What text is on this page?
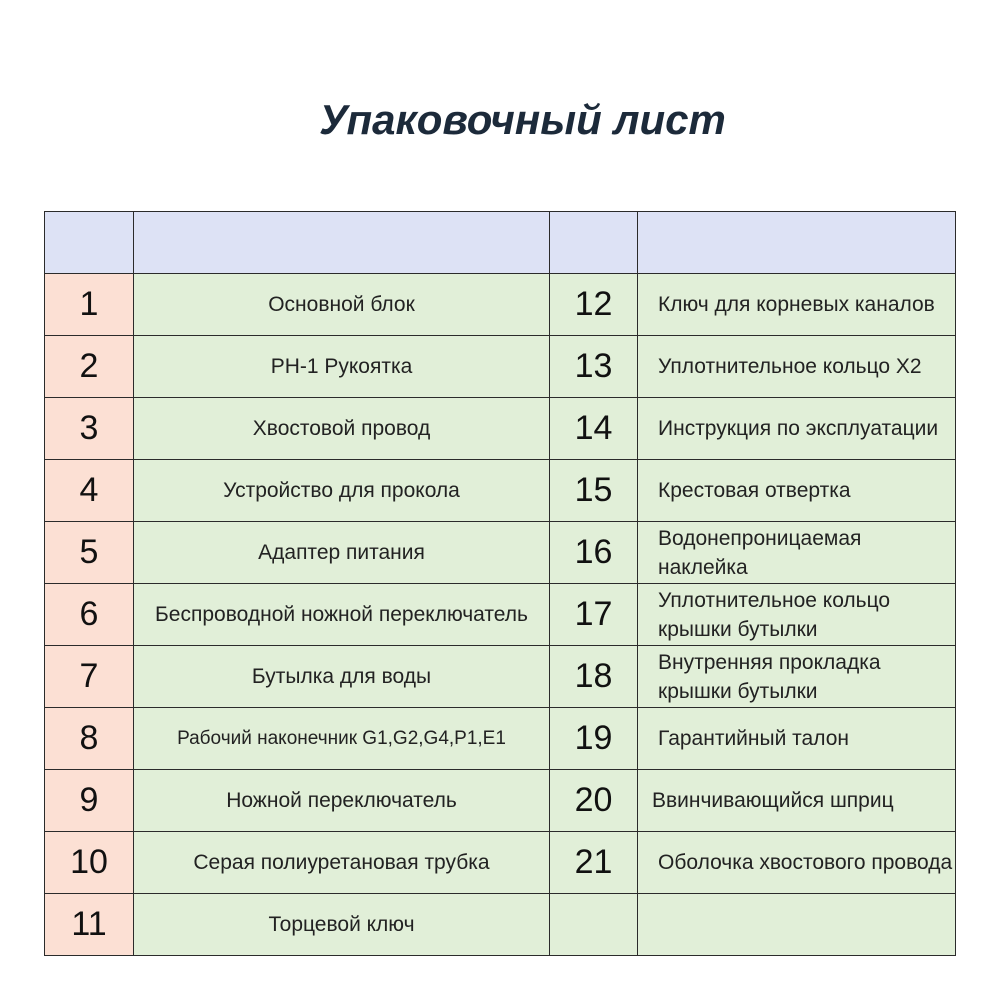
Упаковочный лист

1	Основной блок	12	Ключ для корневых каналов
2	PH-1 Рукоятка	13	Уплотнительное кольцо X2
3	Хвостовой провод	14	Инструкция по эксплуатации
4	Устройство для прокола	15	Крестовая отвертка
5	Адаптер питания	16	Водонепроницаемая наклейка
6	Беспроводной ножной переключатель	17	Уплотнительное кольцо крышки бутылки
7	Бутылка для воды	18	Внутренняя прокладка крышки бутылки
8	Рабочий наконечник G1,G2,G4,P1,E1	19	Гарантийный талон
9	Ножной переключатель	20	Ввинчивающийся шприц
10	Серая полиуретановая трубка	21	Оболочка хвостового провода
11	Торцевой ключ		
